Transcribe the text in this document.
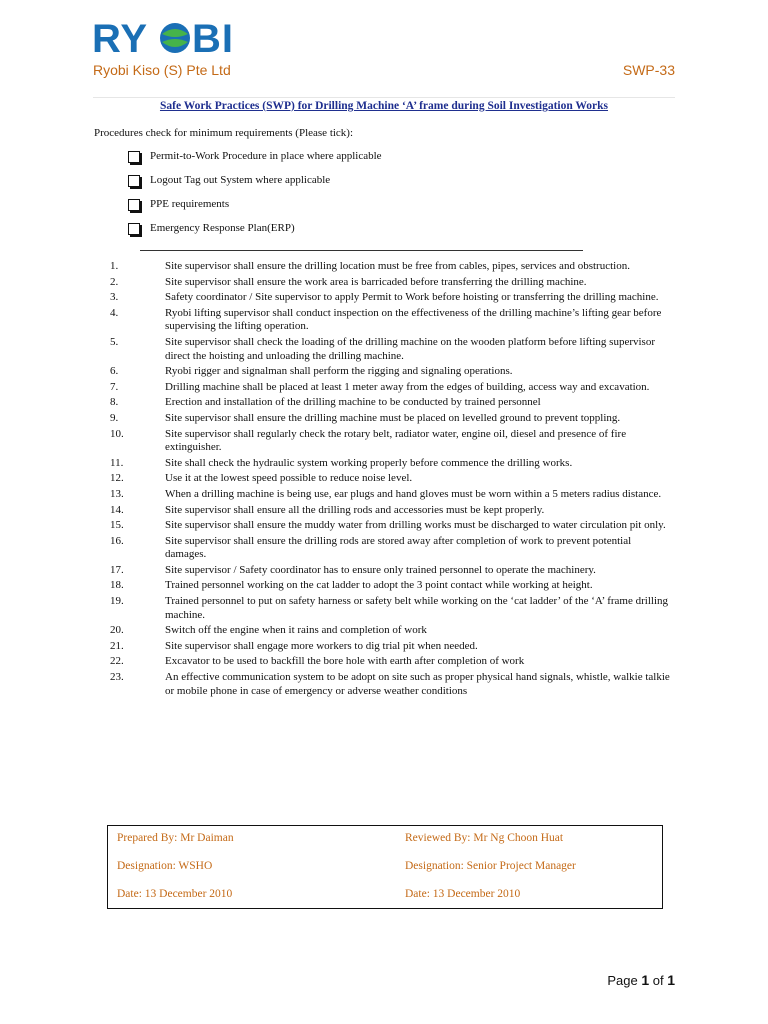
RY BI
Ryobi Kiso (S) Pte Ltd	SWP-33
Safe Work Practices (SWP) for Drilling Machine ‘A’ frame during Soil Investigation Works
Procedures check for minimum requirements (Please tick):
Permit-to-Work Procedure in place where applicable
Logout Tag out System where applicable
PPE requirements
Emergency Response Plan(ERP)
1.	Site supervisor shall ensure the drilling location must be free from cables, pipes, services and obstruction.
2.	Site supervisor shall ensure the work area is barricaded before transferring the drilling machine.
3.	Safety coordinator / Site supervisor to apply Permit to Work before hoisting or transferring the drilling machine.
4.	Ryobi lifting supervisor shall conduct inspection on the effectiveness of the drilling machine’s lifting gear before supervising the lifting operation.
5.	Site supervisor shall check the loading of the drilling machine on the wooden platform before lifting supervisor direct the hoisting and unloading the drilling machine.
6.	Ryobi rigger and signalman shall perform the rigging and signaling operations.
7.	Drilling machine shall be placed at least 1 meter away from the edges of building, access way and excavation.
8.	Erection and installation of the drilling machine to be conducted by trained personnel
9.	Site supervisor shall ensure the drilling machine must be placed on levelled ground to prevent toppling.
10.	Site supervisor shall regularly check the rotary belt, radiator water, engine oil, diesel and presence of fire extinguisher.
11.	Site shall check the hydraulic system working properly before commence the drilling works.
12.	Use it at the lowest speed possible to reduce noise level.
13.	When a drilling machine is being use, ear plugs and hand gloves must be worn within a 5 meters radius distance.
14.	Site supervisor shall ensure all the drilling rods and accessories must be kept properly.
15.	Site supervisor shall ensure the muddy water from drilling works must be discharged to water circulation pit only.
16.	Site supervisor shall ensure the drilling rods are stored away after completion of work to prevent potential damages.
17.	Site supervisor / Safety coordinator has to ensure only trained personnel to operate the machinery.
18.	Trained personnel working on the cat ladder to adopt the 3 point contact while working at height.
19.	Trained personnel to put on safety harness or safety belt while working on the ‘cat ladder’ of the ‘A’ frame drilling machine.
20.	Switch off the engine when it rains and completion of work
21.	Site supervisor shall engage more workers to dig trial pit when needed.
22.	Excavator to be used to backfill the bore hole with earth after completion of work
23.	An effective communication system to be adopt on site such as proper physical hand signals, whistle, walkie talkie or mobile phone in case of emergency or adverse weather conditions
Prepared By: Mr Daiman	Reviewed By: Mr Ng Choon Huat
Designation: WSHO	Designation: Senior Project Manager
Date: 13 December 2010	Date: 13 December 2010
Page 1 of 1
